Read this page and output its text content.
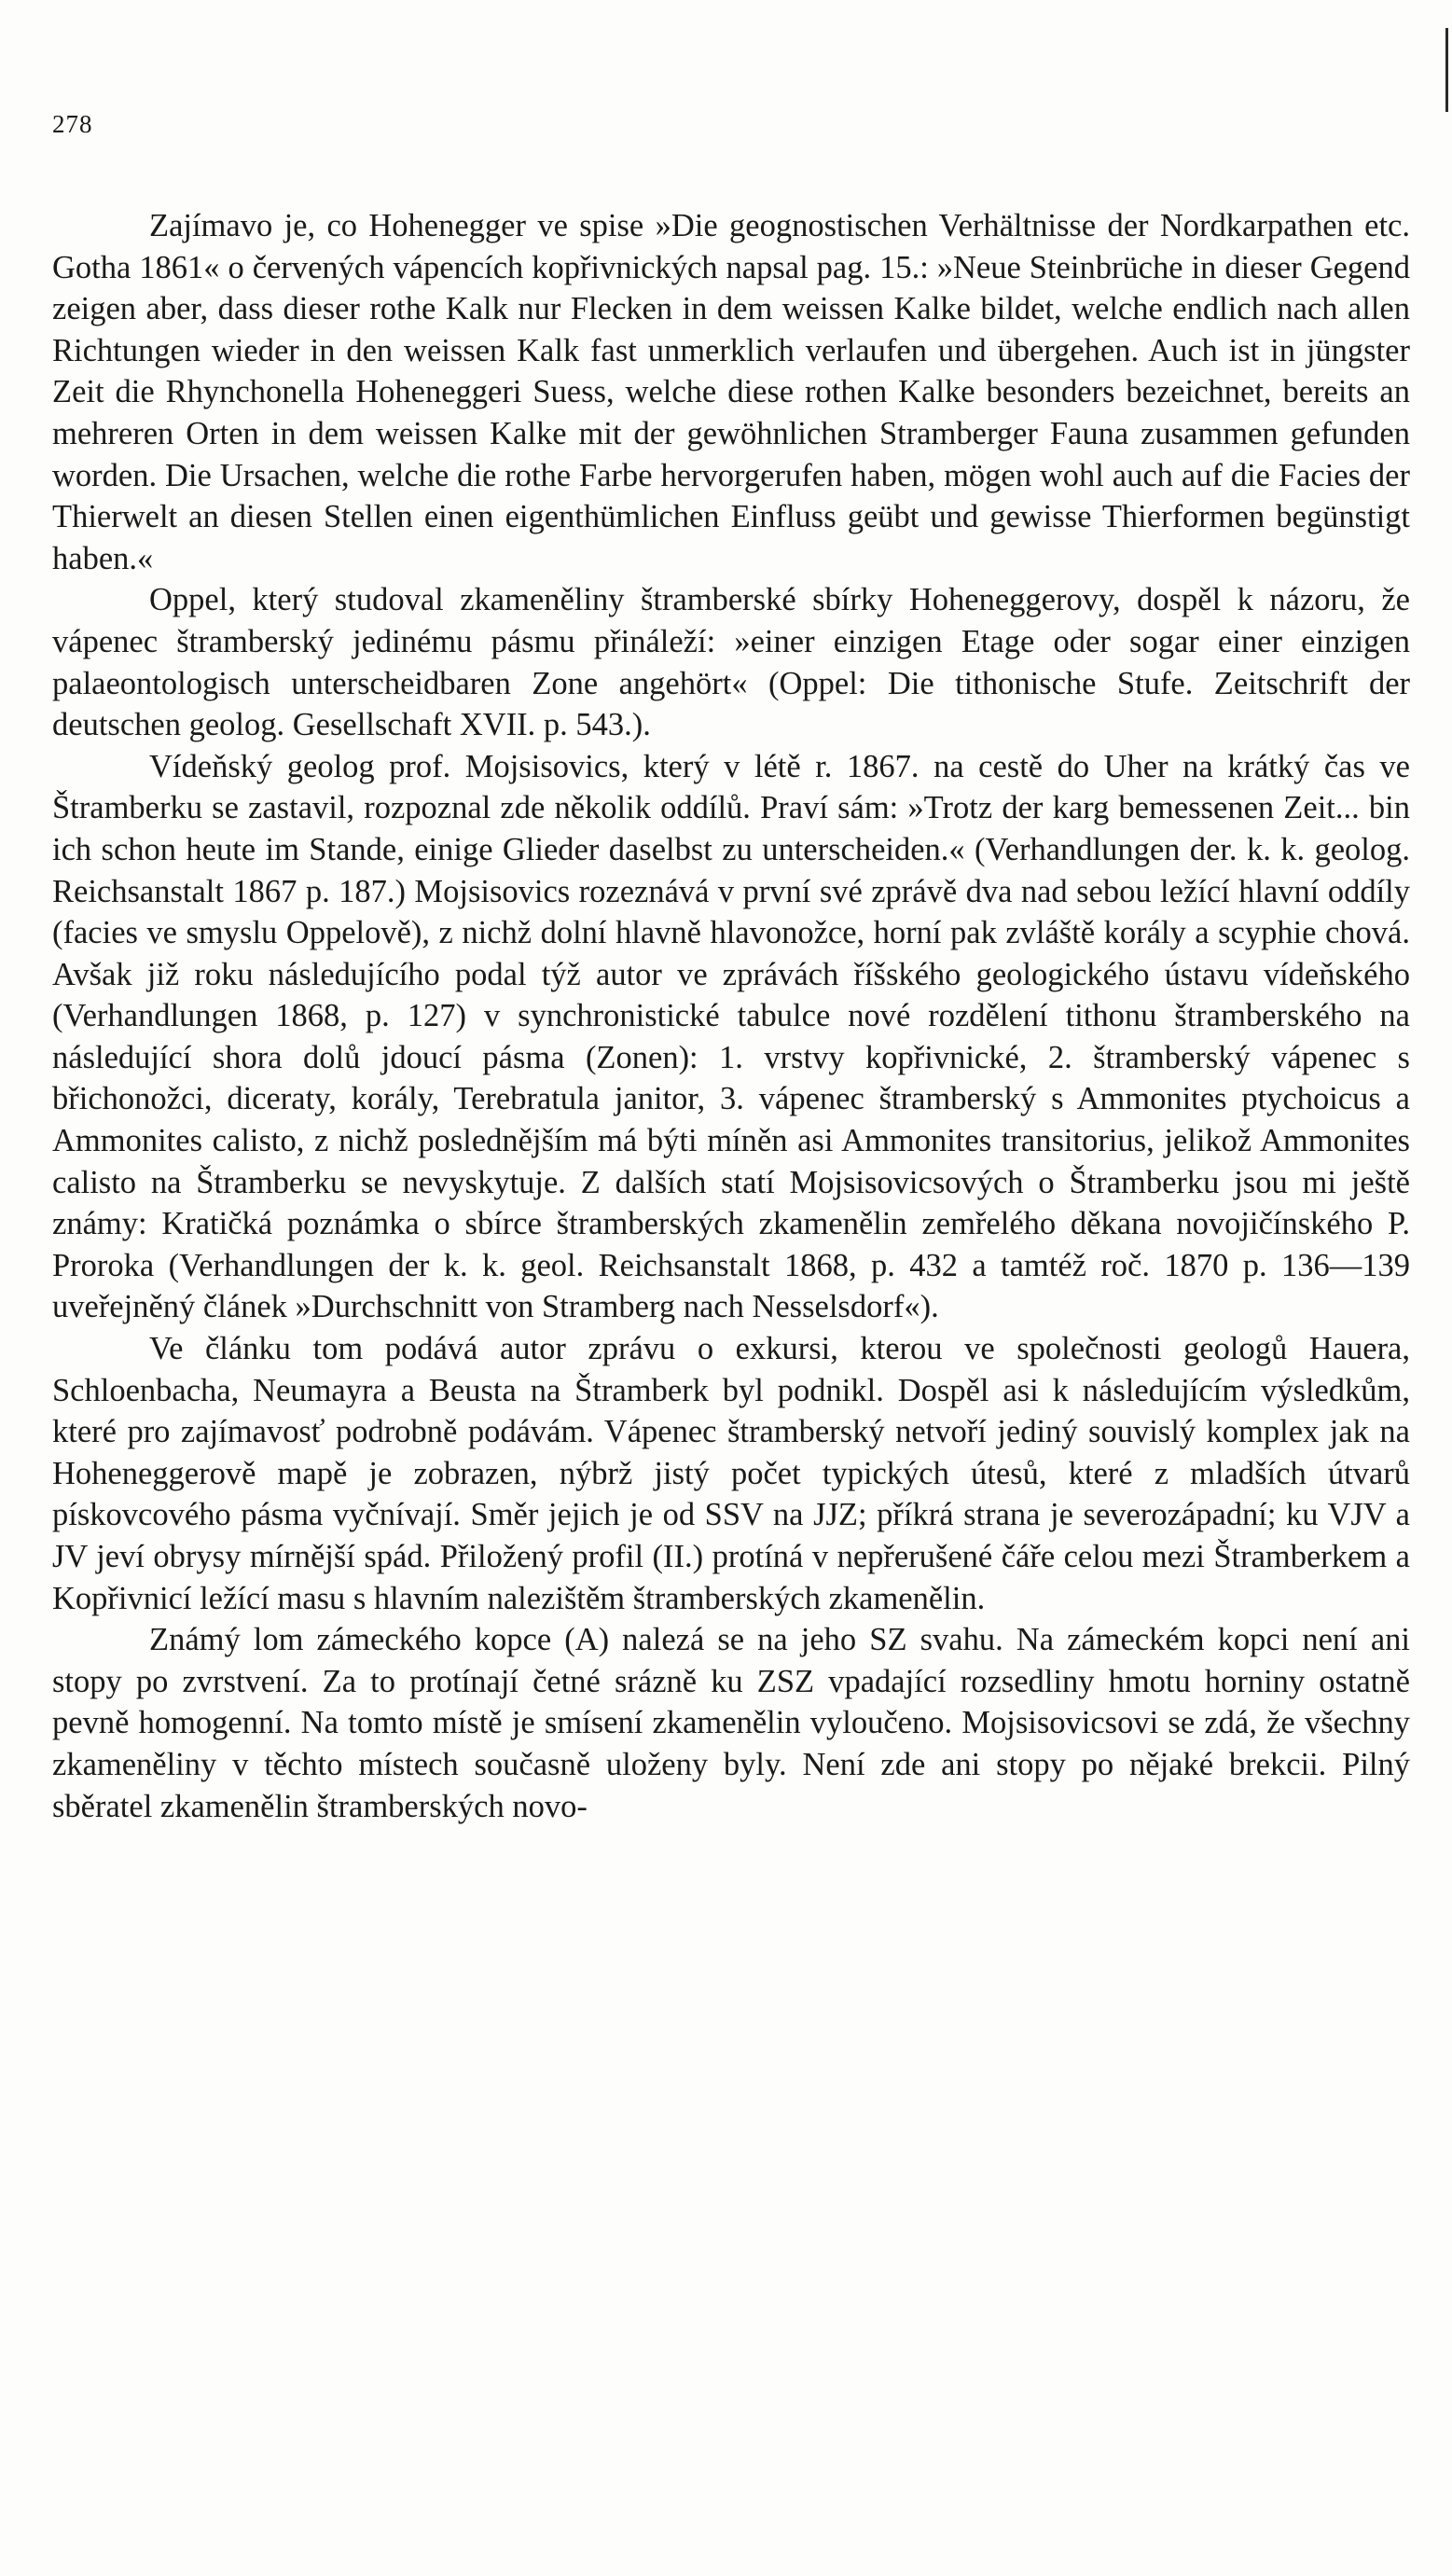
278

Zajímavo je, co Hohenegger ve spise »Die geognostischen Verhältnisse der Nordkarpathen etc. Gotha 1861« o červených vápencích kopřivnických napsal pag. 15.: »Neue Steinbrüche in dieser Gegend zeigen aber, dass dieser rothe Kalk nur Flecken in dem weissen Kalke bildet, welche endlich nach allen Richtungen wieder in den weissen Kalk fast unmerklich verlaufen und übergehen. Auch ist in jüngster Zeit die Rhynchonella Hoheneggeri Suess, welche diese rothen Kalke besonders bezeichnet, bereits an mehreren Orten in dem weissen Kalke mit der gewöhnlichen Stramberger Fauna zusammen gefunden worden. Die Ursachen, welche die rothe Farbe hervorgerufen haben, mögen wohl auch auf die Facies der Thierwelt an diesen Stellen einen eigenthümlichen Einfluss geübt und gewisse Thierformen begünstigt haben.«

Oppel, který studoval zkameněliny štramberské sbírky Hoheneggerovy, dospěl k názoru, že vápenec štramberský jedinému pásmu přináleží: »einer einzigen Etage oder sogar einer einzigen palaeontologisch unterscheidbaren Zone angehört« (Oppel: Die tithonische Stufe. Zeitschrift der deutschen geolog. Gesellschaft XVII. p. 543.).

Vídeňský geolog prof. Mojsisovics, který v létě r. 1867. na cestě do Uher na krátký čas ve Štramberku se zastavil, rozpoznal zde několik oddílů. Praví sám: »Trotz der karg bemessenen Zeit... bin ich schon heute im Stande, einige Glieder daselbst zu unterscheiden.« (Verhandlungen der. k. k. geolog. Reichsanstalt 1867 p. 187.) Mojsisovics rozeznává v první své zprávě dva nad sebou ležící hlavní oddíly (facies ve smyslu Oppelově), z nichž dolní hlavně hlavonožce, horní pak zvláště korály a scyphie chová. Avšak již roku následujícího podal týž autor ve zprávách říšského geologického ústavu vídeňského (Verhandlungen 1868, p. 127) v synchronistické tabulce nové rozdělení tithonu štramberského na následující shora dolů jdoucí pásma (Zonen): 1. vrstvy kopřivnické, 2. štramberský vápenec s břichonožci, diceraty, korály, Terebratula janitor, 3. vápenec štramberský s Ammonites ptychoicus a Ammonites calisto, z nichž poslednějším má býti míněn asi Ammonites transitorius, jelikož Ammonites calisto na Štramberku se nevyskytuje. Z dalších statí Mojsisovicsových o Štramberku jsou mi ještě známy: Kratičká poznámka o sbírce štramberských zkamenělin zemřelého děkana novojičínského P. Proroka (Verhandlungen der k. k. geol. Reichsanstalt 1868, p. 432 a tamtéž roč. 1870 p. 136—139 uveřejněný článek »Durchschnitt von Stramberg nach Nesselsdorf«).

Ve článku tom podává autor zprávu o exkursi, kterou ve společnosti geologů Hauera, Schloenbacha, Neumayra a Beusta na Štramberk byl podnikl. Dospěl asi k následujícím výsledkům, které pro zajímavosť podrobně podávám. Vápenec štramberský netvoří jediný souvislý komplex jak na Hoheneggerově mapě je zobrazen, nýbrž jistý počet typických útesů, které z mladších útvarů pískovcového pásma vyčnívají. Směr jejich je od SSV na JJZ; příkrá strana je severozápadní; ku VJV a JV jeví obrysy mírnější spád. Přiložený profil (II.) protíná v nepřerušené čáře celou mezi Štramberkem a Kopřivnicí ležící masu s hlavním nalezištěm štramberských zkamenělin.

Známý lom zámeckého kopce (A) nalezá se na jeho SZ svahu. Na zámeckém kopci není ani stopy po zvrstvení. Za to protínají četné srázně ku ZSZ vpadající rozsedliny hmotu horniny ostatně pevně homogenní. Na tomto místě je smísení zkamenělin vyloučeno. Mojsisovicsovi se zdá, že všechny zkameněliny v těchto místech současně uloženy byly. Není zde ani stopy po nějaké brekcii. Pilný sběratel zkamenělin štramberských novo-
